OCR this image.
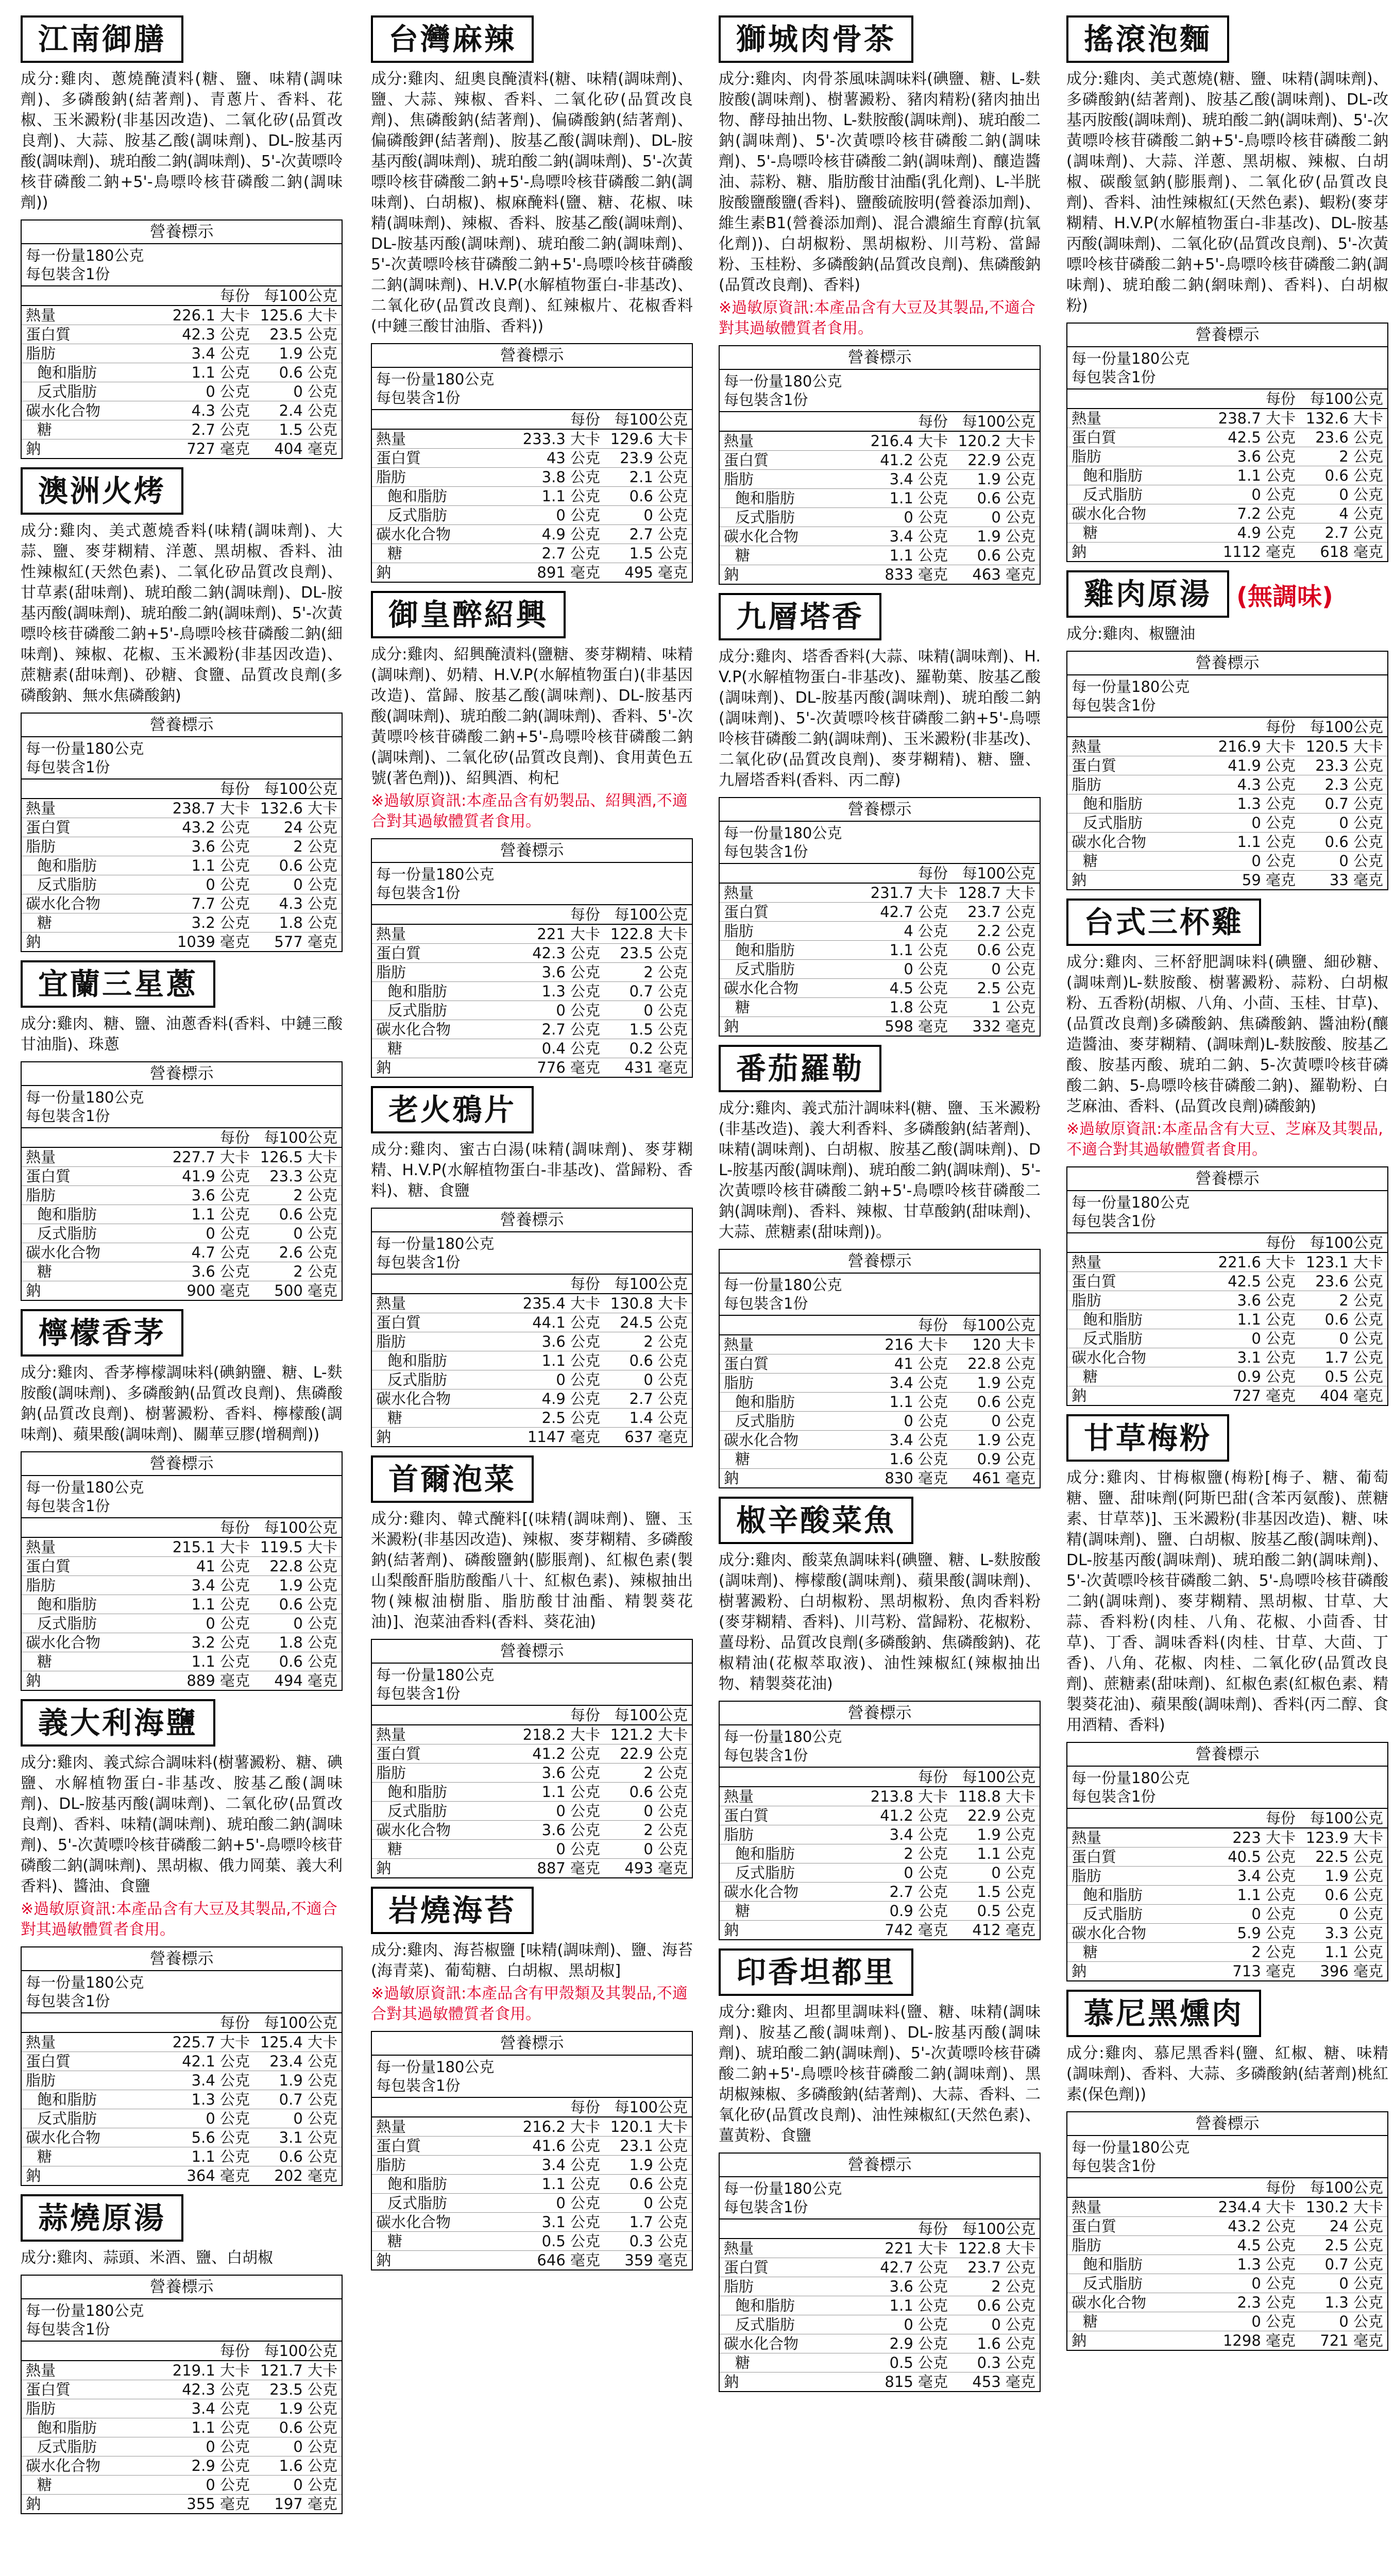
江南御膳

成分:雞肉、蔥燒醃漬料(糖、鹽、味精(調味劑)、多磷酸鈉(結著劑)、青蔥片、香料、花椒、玉米澱粉(非基因改造)、二氧化矽(品質改良劑)、大蒜、胺基乙酸(調味劑)、DL-胺基丙酸(調味劑)、琥珀酸二鈉(調味劑)、5'-次黃嘌呤核苷磷酸二鈉+5'-鳥嘌呤核苷磷酸二鈉(調味劑))

營養標示
每一份量180公克
每包裝含1份
每份 每100公克
熱量	226.1 大卡 125.6 大卡
蛋白質	42.3 公克	23.5 公克
脂肪	3.4 公克	1.9 公克
飽和脂肪	1.1 公克	0.6 公克
反式脂肪	0 公克	0 公克
碳水化合物	4.3 公克	2.4 公克
糖	2.7 公克	1.5 公克
鈉	727 毫克	404 毫克
澳洲火烤

成分:雞肉、美式蔥燒香料(味精(調味劑)、大蒜、鹽、麥芽糊精、洋蔥、黑胡椒、香料、油性辣椒紅(天然色素)、二氧化矽品質改良劑)、甘草素(甜味劑)、琥珀酸二鈉(調味劑)、DL-胺基丙酸(調味劑)、琥珀酸二鈉(調味劑)、5'-次黃嘌呤核苷磷酸二鈉+5'-鳥嘌呤核苷磷酸二鈉(細味劑)、辣椒、花椒、玉米澱粉(非基因改造)、蔗糖素(甜味劑)、砂糖、食鹽、品質改良劑(多磷酸鈉、無水焦磷酸鈉)

營養標示
每一份量180公克
每包裝含1份
每份 每100公克
熱量	238.7 大卡 132.6 大卡
蛋白質	43.2 公克	24 公克
脂肪	3.6 公克	2 公克
飽和脂肪	1.1 公克	0.6 公克
反式脂肪	0 公克	0 公克
碳水化合物	7.7 公克	4.3 公克
糖	3.2 公克	1.8 公克
鈉	1039 毫克	577 毫克
宜蘭三星蔥

成分:雞肉、糖、鹽、油蔥香料(香料、中鏈三酸甘油脂)、珠蔥

營養標示
每一份量180公克
每包裝含1份
每份 每100公克
熱量	227.7 大卡 126.5 大卡
蛋白質	41.9 公克	23.3 公克
脂肪	3.6 公克	2 公克
飽和脂肪	1.1 公克	0.6 公克
反式脂肪	0 公克	0 公克
碳水化合物	4.7 公克	2.6 公克
糖	3.6 公克	2 公克
鈉	900 毫克	500 毫克
檸檬香茅

成分:雞肉、香茅檸檬調味料(碘鈉鹽、糖、L-麩胺酸(調味劑)、多磷酸鈉(品質改良劑)、焦磷酸鈉(品質改良劑)、樹薯澱粉、香料、檸檬酸(調味劑)、蘋果酸(調味劑)、關華豆膠(增稠劑))

營養標示
每一份量180公克
每包裝含1份
每份 每100公克
熱量	215.1 大卡 119.5 大卡
蛋白質	41 公克	22.8 公克
脂肪	3.4 公克	1.9 公克
飽和脂肪	1.1 公克	0.6 公克
反式脂肪	0 公克	0 公克
碳水化合物	3.2 公克	1.8 公克
糖	1.1 公克	0.6 公克
鈉	889 毫克	494 毫克
義大利海鹽

成分:雞肉、義式綜合調味料(樹薯澱粉、糖、碘鹽、水解植物蛋白-非基改、胺基乙酸(調味劑)、DL-胺基丙酸(調味劑)、二氧化矽(品質改良劑)、香料、味精(調味劑)、琥珀酸二鈉(調味劑)、5'-次黃嘌呤核苷磷酸二鈉+5'-鳥嘌呤核苷磷酸二鈉(調味劑)、黑胡椒、俄力岡葉、義大利香料)、醬油、食鹽

※過敏原資訊:本產品含有大豆及其製品,不適合對其過敏體質者食用。

營養標示
每一份量180公克
每包裝含1份
每份 每100公克
熱量	225.7 大卡 125.4 大卡
蛋白質	42.1 公克	23.4 公克
脂肪	3.4 公克	1.9 公克
飽和脂肪	1.3 公克	0.7 公克
反式脂肪	0 公克	0 公克
碳水化合物	5.6 公克	3.1 公克
糖	1.1 公克	0.6 公克
鈉	364 毫克	202 毫克
蒜燒原湯

成分:雞肉、蒜頭、米酒、鹽、白胡椒

營養標示
每一份量180公克
每包裝含1份
每份 每100公克
熱量	219.1 大卡 121.7 大卡
蛋白質	42.3 公克	23.5 公克
脂肪	3.4 公克	1.9 公克
飽和脂肪	1.1 公克	0.6 公克
反式脂肪	0 公克	0 公克
碳水化合物	2.9 公克	1.6 公克
糖	0 公克	0 公克
鈉	355 毫克	197 毫克
台灣麻辣

成分:雞肉、紐奧良醃漬料(糖、味精(調味劑)、鹽、大蒜、辣椒、香料、二氧化矽(品質改良劑)、焦磷酸鈉(結著劑)、偏磷酸鈉(結著劑)、偏磷酸鉀(結著劑)、胺基乙酸(調味劑)、DL-胺基丙酸(調味劑)、琥珀酸二鈉(調味劑)、5'-次黃嘌呤核苷磷酸二鈉+5'-鳥嘌呤核苷磷酸二鈉(調味劑)、白胡椒)、椒麻醃料(鹽、糖、花椒、味精(調味劑)、辣椒、香料、胺基乙酸(調味劑)、DL-胺基丙酸(調味劑)、琥珀酸二鈉(調味劑)、5'-次黃嘌呤核苷磷酸二鈉+5'-鳥嘌呤核苷磷酸二鈉(調味劑)、H.V.P(水解植物蛋白-非基改)、二氧化矽(品質改良劑)、紅辣椒片、花椒香料(中鏈三酸甘油脂、香料))

營養標示
每一份量180公克
每包裝含1份
每份 每100公克
熱量	233.3 大卡 129.6 大卡
蛋白質	43 公克	23.9 公克
脂肪	3.8 公克	2.1 公克
飽和脂肪	1.1 公克	0.6 公克
反式脂肪	0 公克	0 公克
碳水化合物	4.9 公克	2.7 公克
糖	2.7 公克	1.5 公克
鈉	891 毫克	495 毫克
御皇醉紹興

成分:雞肉、紹興醃漬料(鹽糖、麥芽糊精、味精(調味劑)、奶精、H.V.P(水解植物蛋白)(非基因改造)、當歸、胺基乙酸(調味劑)、DL-胺基丙酸(調味劑)、琥珀酸二鈉(調味劑)、香料、5'-次黃嘌呤核苷磷酸二鈉+5'-鳥嘌呤核苷磷酸二鈉(調味劑)、二氧化矽(品質改良劑)、食用黃色五號(著色劑))、紹興酒、枸杞

※過敏原資訊:本產品含有奶製品、紹興酒,不適合對其過敏體質者食用。

營養標示
每一份量180公克
每包裝含1份
每份 每100公克
熱量	221 大卡 122.8 大卡
蛋白質	42.3 公克	23.5 公克
脂肪	3.6 公克	2 公克
飽和脂肪	1.3 公克	0.7 公克
反式脂肪	0 公克	0 公克
碳水化合物	2.7 公克	1.5 公克
糖	0.4 公克	0.2 公克
鈉	776 毫克	431 毫克
老火鴉片

成分:雞肉、蜜古白湯(味精(調味劑)、麥芽糊精、H.V.P(水解植物蛋白-非基改)、當歸粉、香料)、糖、食鹽

營養標示
每一份量180公克
每包裝含1份
每份 每100公克
熱量	235.4 大卡 130.8 大卡
蛋白質	44.1 公克	24.5 公克
脂肪	3.6 公克	2 公克
飽和脂肪	1.1 公克	0.6 公克
反式脂肪	0 公克	0 公克
碳水化合物	4.9 公克	2.7 公克
糖	2.5 公克	1.4 公克
鈉	1147 毫克	637 毫克
首爾泡菜

成分:雞肉、韓式醃料[(味精(調味劑)、鹽、玉米澱粉(非基因改造)、辣椒、麥芽糊精、多磷酸鈉(結著劑)、磷酸鹽鈉(膨脹劑)、紅椒色素(製山梨酸酐脂肪酸酯八十、紅椒色素)、辣椒抽出物(辣椒油樹脂、脂肪酸甘油酯、精製葵花油)]、泡菜油香料(香料、葵花油)

營養標示
每一份量180公克
每包裝含1份
每份 每100公克
熱量	218.2 大卡 121.2 大卡
蛋白質	41.2 公克	22.9 公克
脂肪	3.6 公克	2 公克
飽和脂肪	1.1 公克	0.6 公克
反式脂肪	0 公克	0 公克
碳水化合物	3.6 公克	2 公克
糖	0 公克	0 公克
鈉	887 毫克	493 毫克
岩燒海苔

成分:雞肉、海苔椒鹽 [味精(調味劑)、鹽、海苔 (海青菜)、葡萄糖、白胡椒、黑胡椒]

※過敏原資訊:本產品含有甲殼類及其製品,不適合對其過敏體質者食用。

營養標示
每一份量180公克
每包裝含1份
每份 每100公克
熱量	216.2 大卡 120.1 大卡
蛋白質	41.6 公克	23.1 公克
脂肪	3.4 公克	1.9 公克
飽和脂肪	1.1 公克	0.6 公克
反式脂肪	0 公克	0 公克
碳水化合物	3.1 公克	1.7 公克
糖	0.5 公克	0.3 公克
鈉	646 毫克	359 毫克
獅城肉骨茶

成分:雞肉、肉骨茶風味調味料(碘鹽、糖、L-麩胺酸(調味劑)、樹薯澱粉、豬肉精粉(豬肉抽出物、酵母抽出物、L-麩胺酸(調味劑)、琥珀酸二鈉(調味劑)、5'-次黃嘌呤核苷磷酸二鈉(調味劑)、5'-鳥嘌呤核苷磷酸二鈉(調味劑)、釀造醬油、蒜粉、糖、脂肪酸甘油酯(乳化劑)、L-半胱胺酸鹽酸鹽(香料)、鹽酸硫胺明(營養添加劑)、維生素B1(營養添加劑)、混合濃縮生育醇(抗氧化劑))、白胡椒粉、黑胡椒粉、川芎粉、當歸粉、玉桂粉、多磷酸鈉(品質改良劑)、焦磷酸鈉(品質改良劑)、香料)

※過敏原資訊:本產品含有大豆及其製品,不適合對其過敏體質者食用。

營養標示
每一份量180公克
每包裝含1份
每份 每100公克
熱量	216.4 大卡 120.2 大卡
蛋白質	41.2 公克	22.9 公克
脂肪	3.4 公克	1.9 公克
飽和脂肪	1.1 公克	0.6 公克
反式脂肪	0 公克	0 公克
碳水化合物	3.4 公克	1.9 公克
糖	1.1 公克	0.6 公克
鈉	833 毫克	463 毫克
九層塔香

成分:雞肉、塔香香料(大蒜、味精(調味劑)、H.V.P(水解植物蛋白-非基改)、羅勒葉、胺基乙酸(調味劑)、DL-胺基丙酸(調味劑)、琥珀酸二鈉(調味劑)、5'-次黃嘌呤核苷磷酸二鈉+5'-鳥嘌呤核苷磷酸二鈉(調味劑)、玉米澱粉(非基改)、二氧化矽(品質改良劑)、麥芽糊精)、糖、鹽、九層塔香料(香料、丙二醇)

營養標示
每一份量180公克
每包裝含1份
每份 每100公克
熱量	231.7 大卡 128.7 大卡
蛋白質	42.7 公克	23.7 公克
脂肪	4 公克	2.2 公克
飽和脂肪	1.1 公克	0.6 公克
反式脂肪	0 公克	0 公克
碳水化合物	4.5 公克	2.5 公克
糖	1.8 公克	1 公克
鈉	598 毫克	332 毫克
番茄羅勒

成分:雞肉、義式茄汁調味料(糖、鹽、玉米澱粉(非基改造)、義大利香料、多磷酸鈉(結著劑)、味精(調味劑)、白胡椒、胺基乙酸(調味劑)、DL-胺基丙酸(調味劑)、琥珀酸二鈉(調味劑)、5'-次黃嘌呤核苷磷酸二鈉+5'-鳥嘌呤核苷磷酸二鈉(調味劑)、香料、辣椒、甘草酸鈉(甜味劑)、大蒜、蔗糖素(甜味劑))。

營養標示
每一份量180公克
每包裝含1份
每份 每100公克
熱量	216 大卡	120 大卡
蛋白質	41 公克	22.8 公克
脂肪	3.4 公克	1.9 公克
飽和脂肪	1.1 公克	0.6 公克
反式脂肪	0 公克	0 公克
碳水化合物	3.4 公克	1.9 公克
糖	1.6 公克	0.9 公克
鈉	830 毫克	461 毫克
椒辛酸菜魚

成分:雞肉、酸菜魚調味料(碘鹽、糖、L-麩胺酸(調味劑)、檸檬酸(調味劑)、蘋果酸(調味劑)、樹薯澱粉、白胡椒粉、黑胡椒粉、魚肉香料粉(麥芽糊精、香料)、川芎粉、當歸粉、花椒粉、薑母粉、品質改良劑(多磷酸鈉、焦磷酸鈉)、花椒精油(花椒萃取液)、油性辣椒紅(辣椒抽出物、精製葵花油)

營養標示
每一份量180公克
每包裝含1份
每份 每100公克
熱量	213.8 大卡 118.8 大卡
蛋白質	41.2 公克	22.9 公克
脂肪	3.4 公克	1.9 公克
飽和脂肪	2 公克	1.1 公克
反式脂肪	0 公克	0 公克
碳水化合物	2.7 公克	1.5 公克
糖	0.9 公克	0.5 公克
鈉	742 毫克	412 毫克
印香坦都里

成分:雞肉、坦都里調味料(鹽、糖、味精(調味劑)、胺基乙酸(調味劑)、DL-胺基丙酸(調味劑)、琥珀酸二鈉(調味劑)、5'-次黃嘌呤核苷磷酸二鈉+5'-鳥嘌呤核苷磷酸二鈉(調味劑)、黑胡椒辣椒、多磷酸鈉(結著劑)、大蒜、香料、二氧化矽(品質改良劑)、油性辣椒紅(天然色素)、薑黃粉、食鹽

營養標示
每一份量180公克
每包裝含1份
每份 每100公克
熱量	221 大卡 122.8 大卡
蛋白質	42.7 公克	23.7 公克
脂肪	3.6 公克	2 公克
飽和脂肪	1.1 公克	0.6 公克
反式脂肪	0 公克	0 公克
碳水化合物	2.9 公克	1.6 公克
糖	0.5 公克	0.3 公克
鈉	815 毫克	453 毫克
搖滾泡麵

成分:雞肉、美式蔥燒(糖、鹽、味精(調味劑)、多磷酸鈉(結著劑)、胺基乙酸(調味劑)、DL-改基丙胺酸(調味劑)、琥珀酸二鈉(調味劑)、5'-次黃嘌呤核苷磷酸二鈉+5'-鳥嘌呤核苷磷酸二鈉(調味劑)、大蒜、洋蔥、黑胡椒、辣椒、白胡椒、碳酸氫鈉(膨脹劑)、二氧化矽(品質改良劑)、香料、油性辣椒紅(天然色素)、蝦粉(麥芽糊精、H.V.P(水解植物蛋白-非基改)、DL-胺基丙酸(調味劑)、二氧化矽(品質改良劑)、5'-次黃嘌呤核苷磷酸二鈉+5'-鳥嘌呤核苷磷酸二鈉(調味劑)、琥珀酸二鈉(網味劑)、香料)、白胡椒粉)

營養標示
每一份量180公克
每包裝含1份
每份 每100公克
熱量	238.7 大卡 132.6 大卡
蛋白質	42.5 公克	23.6 公克
脂肪	3.6 公克	2 公克
飽和脂肪	1.1 公克	0.6 公克
反式脂肪	0 公克	0 公克
碳水化合物	7.2 公克	4 公克
糖	4.9 公克	2.7 公克
鈉	1112 毫克	618 毫克
雞肉原湯	(無調味)

成分:雞肉、椒鹽油

營養標示
每一份量180公克
每包裝含1份
每份 每100公克
熱量	216.9 大卡 120.5 大卡
蛋白質	41.9 公克	23.3 公克
脂肪	4.3 公克	2.3 公克
飽和脂肪	1.3 公克	0.7 公克
反式脂肪	0 公克	0 公克
碳水化合物	1.1 公克	0.6 公克
糖	0 公克	0 公克
鈉	59 毫克	33 毫克
台式三杯雞

成分:雞肉、三杯舒肥調味料(碘鹽、細砂糖、(調味劑)L-麩胺酸、樹薯澱粉、蒜粉、白胡椒粉、五香粉(胡椒、八角、小茴、玉桂、甘草)、(品質改良劑)多磷酸鈉、焦磷酸鈉、醬油粉(釀造醬油、麥芽糊精、(調味劑)L-麩胺酸、胺基乙酸、胺基丙酸、琥珀二鈉、5-次黃嘌呤核苷磷酸二鈉、5-鳥嘌呤核苷磷酸二鈉)、羅勒粉、白芝麻油、香料、(品質改良劑)磷酸鈉)

※過敏原資訊:本產品含有大豆、芝麻及其製品,不適合對其過敏體質者食用。

營養標示
每一份量180公克
每包裝含1份
每份 每100公克
熱量	221.6 大卡 123.1 大卡
蛋白質	42.5 公克	23.6 公克
脂肪	3.6 公克	2 公克
飽和脂肪	1.1 公克	0.6 公克
反式脂肪	0 公克	0 公克
碳水化合物	3.1 公克	1.7 公克
糖	0.9 公克	0.5 公克
鈉	727 毫克	404 毫克
甘草梅粉

成分:雞肉、甘梅椒鹽(梅粉[梅子、糖、葡萄糖、鹽、甜味劑(阿斯巴甜(含苯丙氨酸)、蔗糖素、甘草萃)]、玉米澱粉(非基因改造)、糖、味精(調味劑)、鹽、白胡椒、胺基乙酸(調味劑)、DL-胺基丙酸(調味劑)、琥珀酸二鈉(調味劑)、5'-次黃嘌呤核苷磷酸二鈉、5'-鳥嘌呤核苷磷酸二鈉(調味劑)、麥芽糊精、黑胡椒、甘草、大蒜、香料粉(肉桂、八角、花椒、小茴香、甘草)、丁香、調味香料(肉桂、甘草、大茴、丁香)、八角、花椒、肉桂、二氧化矽(品質改良劑)、蔗糖素(甜味劑)、紅椒色素(紅椒色素、精製葵花油)、蘋果酸(調味劑)、香料(丙二醇、食用酒精、香料)

營養標示
每一份量180公克
每包裝含1份
每份 每100公克
熱量	223 大卡 123.9 大卡
蛋白質	40.5 公克	22.5 公克
脂肪	3.4 公克	1.9 公克
飽和脂肪	1.1 公克	0.6 公克
反式脂肪	0 公克	0 公克
碳水化合物	5.9 公克	3.3 公克
糖	2 公克	1.1 公克
鈉	713 毫克	396 毫克
慕尼黑燻肉

成分:雞肉、慕尼黑香料(鹽、紅椒、糖、味精(調味劑)、香料、大蒜、多磷酸鈉(結著劑)桃紅素(保色劑))

營養標示
每一份量180公克
每包裝含1份
每份 每100公克
熱量	234.4 大卡 130.2 大卡
蛋白質	43.2 公克	24 公克
脂肪	4.5 公克	2.5 公克
飽和脂肪	1.3 公克	0.7 公克
反式脂肪	0 公克	0 公克
碳水化合物	2.3 公克	1.3 公克
糖	0 公克	0 公克
鈉	1298 毫克	721 毫克
